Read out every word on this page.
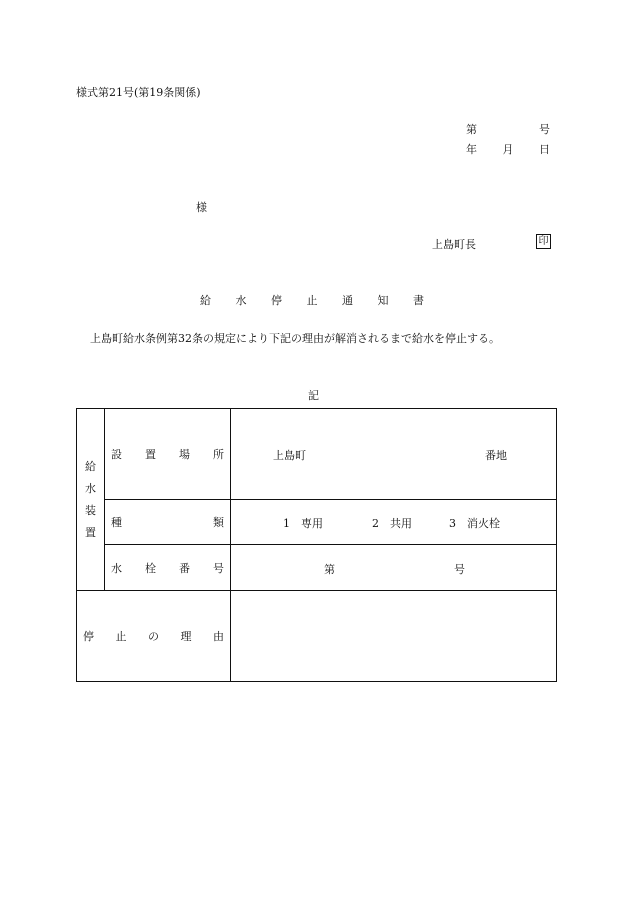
様式第21号(第19条関係)
第	号
年 月 日
様
上島町長	印
給 水 停 止 通 知 書
上島町給水条例第32条の規定により下記の理由が解消されるまで給水を停止する。
記
給
水
装
置	設 置 場 所	上島町 番地

	種 類	1　専用 2　共用 3　消火栓

	水 栓 番 号	第 号

停 止 の 理 由		
